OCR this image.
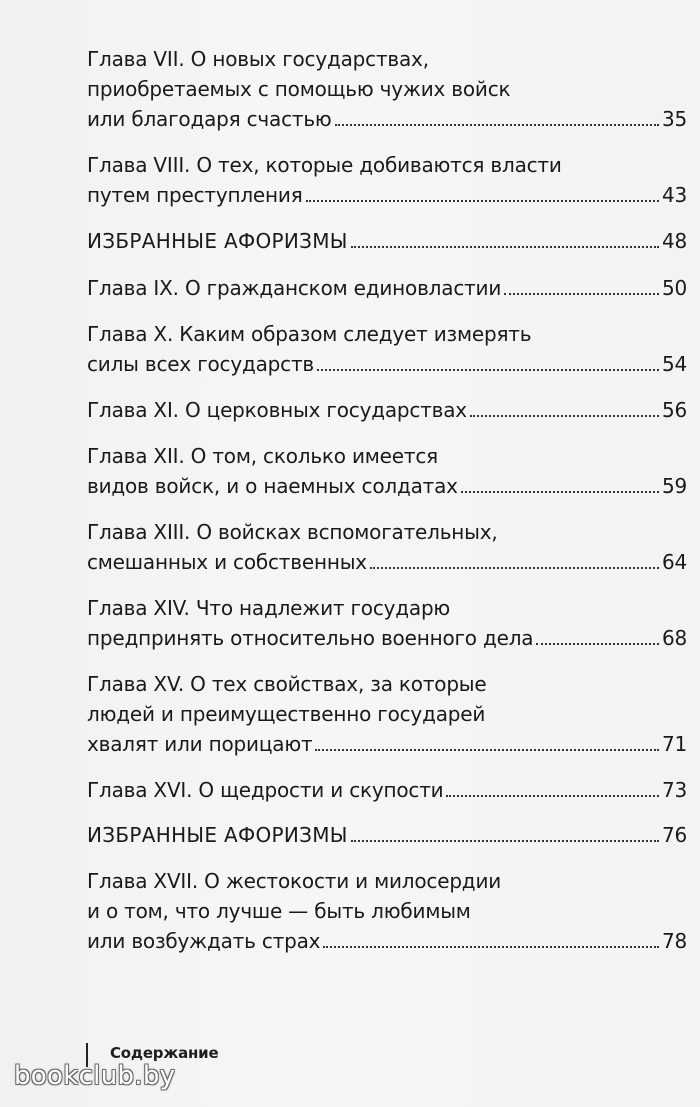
Глава VII. О новых государствах,
приобретаемых с помощью чужих войск
или благодаря счастью	35
Глава VIII. О тех, которые добиваются власти
путем преступления	43
ИЗБРАННЫЕ АФОРИЗМЫ	48
Глава IX. О гражданском единовластии	50
Глава X. Каким образом следует измерять
силы всех государств	54
Глава XI. О церковных государствах	56
Глава XII. О том, сколько имеется
видов войск, и о наемных солдатах	59
Глава XIII. О войсках вспомогательных,
смешанных и собственных	64
Глава XIV. Что надлежит государю
предпринять относительно военного дела	68
Глава XV. О тех свойствах, за которые
людей и преимущественно государей
хвалят или порицают	71
Глава XVI. О щедрости и скупости	73
ИЗБРАННЫЕ АФОРИЗМЫ	76
Глава XVII. О жестокости и милосердии
и о том, что лучше — быть любимым
или возбуждать страх	78
Содержание
bookclub.by
